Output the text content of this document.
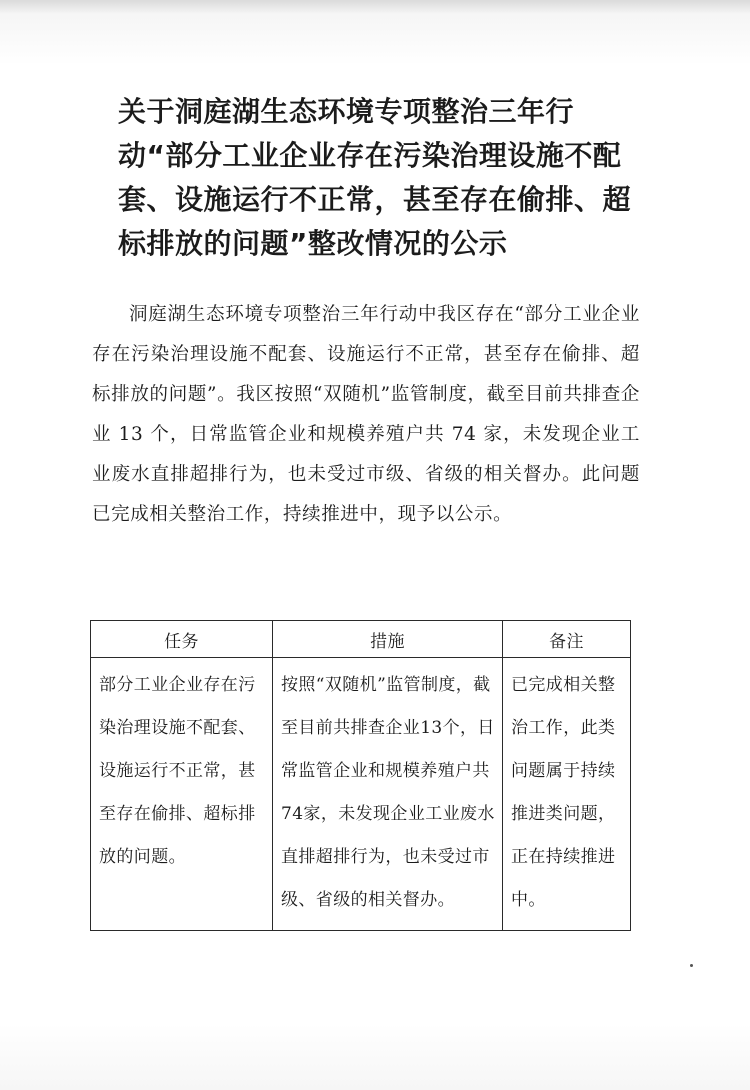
关于洞庭湖生态环境专项整治三年行动“部分工业企业存在污染治理设施不配套、设施运行不正常，甚至存在偷排、超标排放的问题”整改情况的公示
洞庭湖生态环境专项整治三年行动中我区存在“部分工业企业存在污染治理设施不配套、设施运行不正常，甚至存在偷排、超标排放的问题”。我区按照“双随机”监管制度，截至目前共排查企业 13 个，日常监管企业和规模养殖户共 74 家，未发现企业工业废水直排超排行为，也未受过市级、省级的相关督办。此问题已完成相关整治工作，持续推进中，现予以公示。
任务	措施	备注
部分工业企业存在污染治理设施不配套、设施运行不正常，甚至存在偷排、超标排放的问题。	按照“双随机”监管制度，截至目前共排查企业13个，日常监管企业和规模养殖户共74家，未发现企业工业废水直排超排行为，也未受过市级、省级的相关督办。	已完成相关整治工作，此类问题属于持续推进类问题，正在持续推进中。
